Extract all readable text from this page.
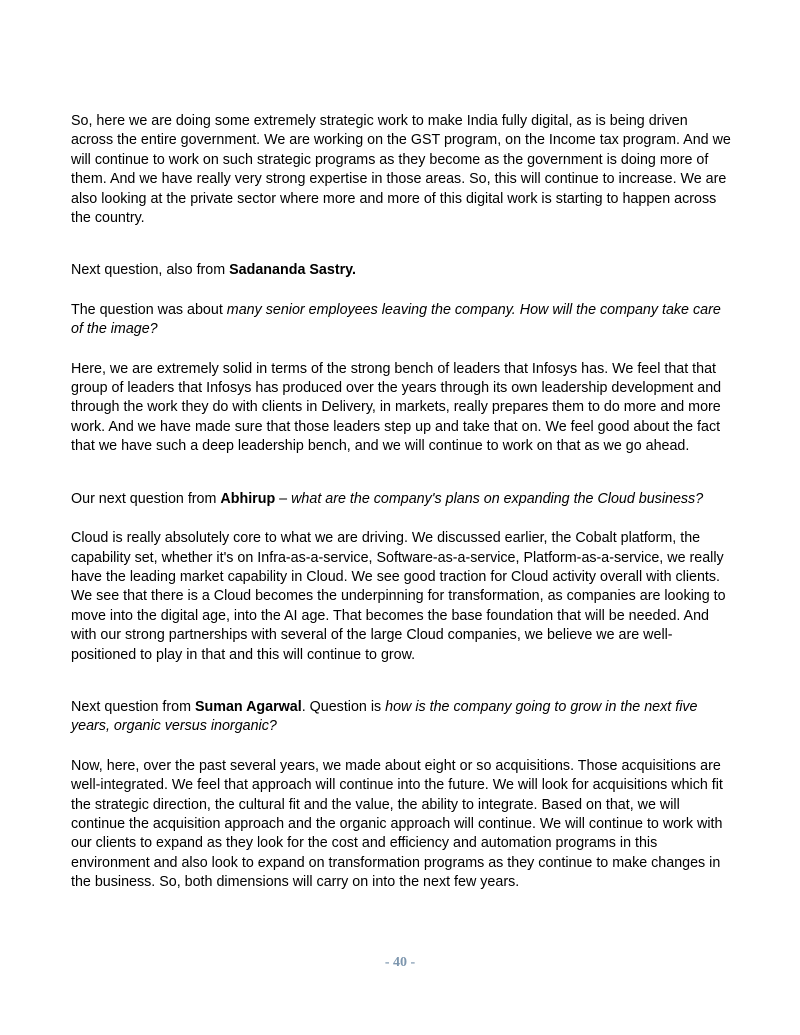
So, here we are doing some extremely strategic work to make India fully digital, as is being driven across the entire government. We are working on the GST program, on the Income tax program. And we will continue to work on such strategic programs as they become as the government is doing more of them. And we have really very strong expertise in those areas. So, this will continue to increase. We are also looking at the private sector where more and more of this digital work is starting to happen across the country.

Next question, also from Sadananda Sastry.

The question was about many senior employees leaving the company. How will the company take care of the image?

Here, we are extremely solid in terms of the strong bench of leaders that Infosys has. We feel that that group of leaders that Infosys has produced over the years through its own leadership development and through the work they do with clients in Delivery, in markets, really prepares them to do more and more work. And we have made sure that those leaders step up and take that on. We feel good about the fact that we have such a deep leadership bench, and we will continue to work on that as we go ahead.

Our next question from Abhirup – what are the company's plans on expanding the Cloud business?

Cloud is really absolutely core to what we are driving. We discussed earlier, the Cobalt platform, the capability set, whether it's on Infra-as-a-service, Software-as-a-service, Platform-as-a-service, we really have the leading market capability in Cloud. We see good traction for Cloud activity overall with clients. We see that there is a Cloud becomes the underpinning for transformation, as companies are looking to move into the digital age, into the AI age. That becomes the base foundation that will be needed. And with our strong partnerships with several of the large Cloud companies, we believe we are well-positioned to play in that and this will continue to grow.

Next question from Suman Agarwal. Question is how is the company going to grow in the next five years, organic versus inorganic?

Now, here, over the past several years, we made about eight or so acquisitions. Those acquisitions are well-integrated. We feel that approach will continue into the future. We will look for acquisitions which fit the strategic direction, the cultural fit and the value, the ability to integrate. Based on that, we will continue the acquisition approach and the organic approach will continue. We will continue to work with our clients to expand as they look for the cost and efficiency and automation programs in this environment and also look to expand on transformation programs as they continue to make changes in the business. So, both dimensions will carry on into the next few years.

- 40 -
